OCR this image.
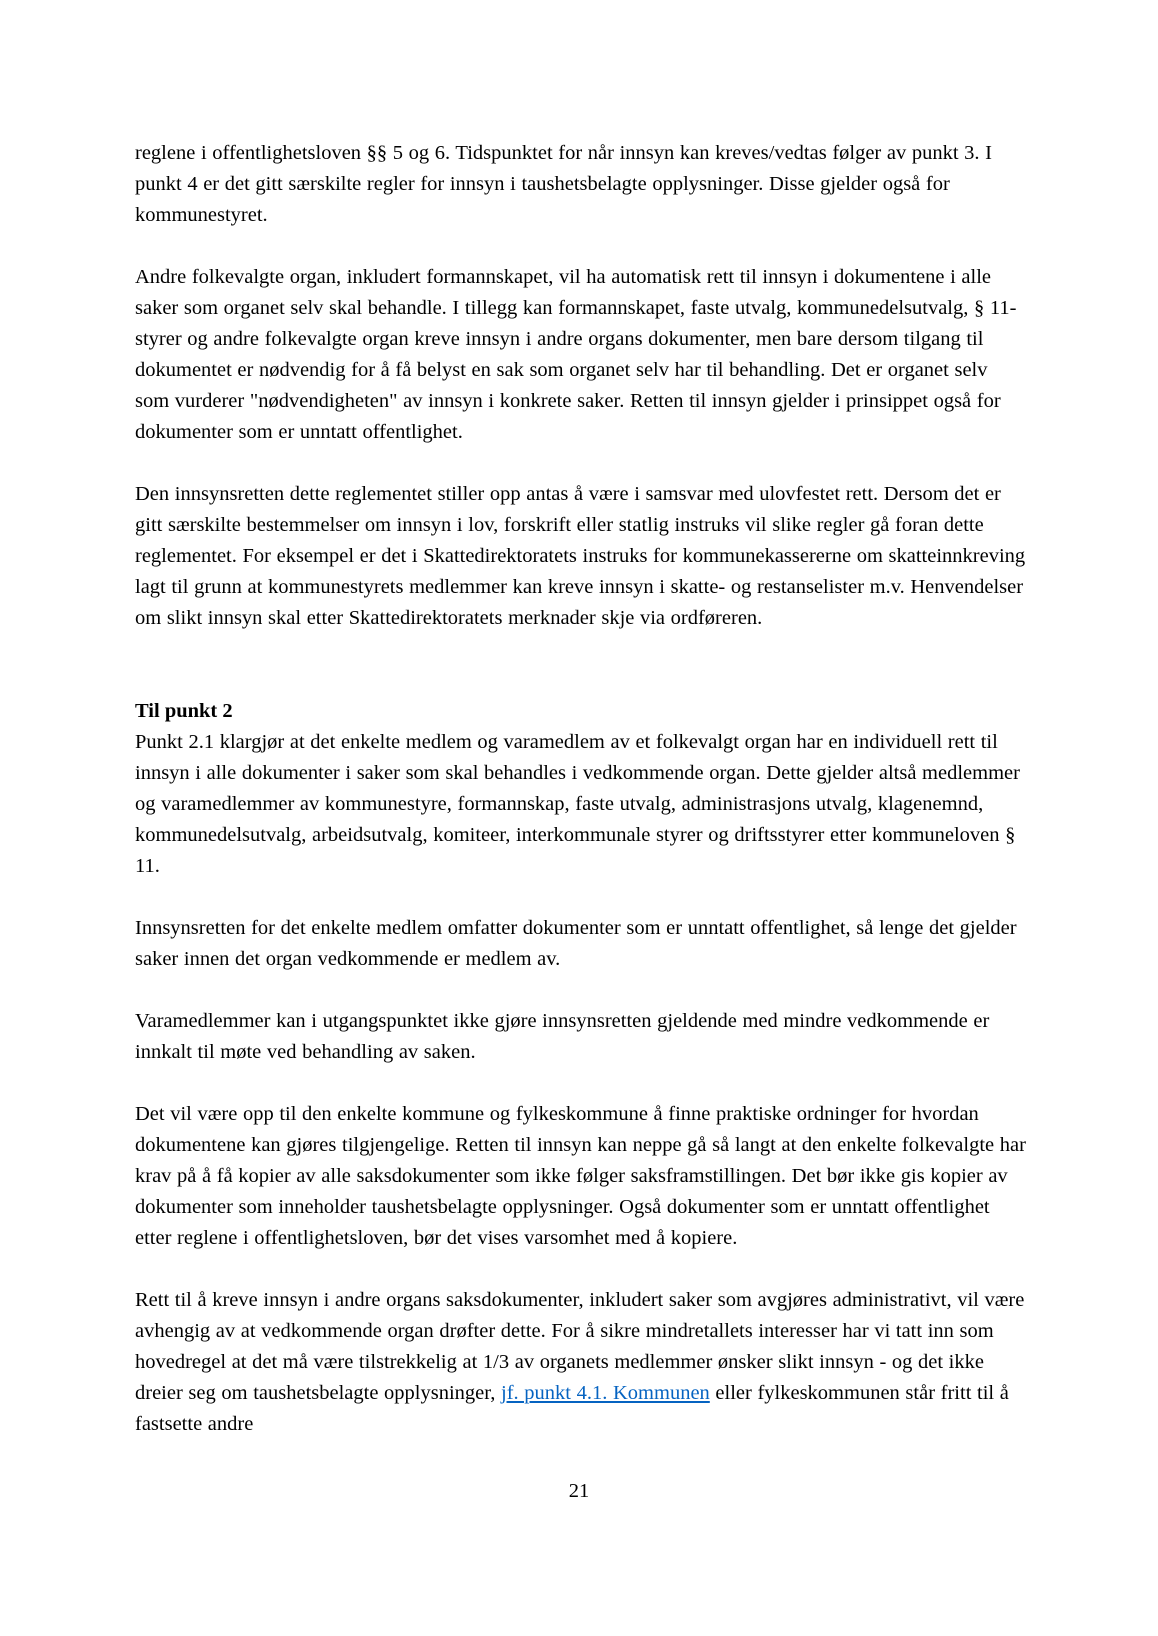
reglene i offentlighetsloven §§ 5 og 6. Tidspunktet for når innsyn kan kreves/vedtas følger av punkt 3. I punkt 4 er det gitt særskilte regler for innsyn i taushetsbelagte opplysninger. Disse gjelder også for kommunestyret.

Andre folkevalgte organ, inkludert formannskapet, vil ha automatisk rett til innsyn i dokumentene i alle saker som organet selv skal behandle. I tillegg kan formannskapet, faste utvalg, kommunedelsutvalg, § 11-styrer og andre folkevalgte organ kreve innsyn i andre organs dokumenter, men bare dersom tilgang til dokumentet er nødvendig for å få belyst en sak som organet selv har til behandling. Det er organet selv som vurderer "nødvendigheten" av innsyn i konkrete saker. Retten til innsyn gjelder i prinsippet også for dokumenter som er unntatt offentlighet.

Den innsynsretten dette reglementet stiller opp antas å være i samsvar med ulovfestet rett. Dersom det er gitt særskilte bestemmelser om innsyn i lov, forskrift eller statlig instruks vil slike regler gå foran dette reglementet. For eksempel er det i Skattedirektoratets instruks for kommunekassererne om skatteinnkreving lagt til grunn at kommunestyrets medlemmer kan kreve innsyn i skatte- og restanselister m.v. Henvendelser om slikt innsyn skal etter Skattedirektoratets merknader skje via ordføreren.

Til punkt 2

Punkt 2.1 klargjør at det enkelte medlem og varamedlem av et folkevalgt organ har en individuell rett til innsyn i alle dokumenter i saker som skal behandles i vedkommende organ. Dette gjelder altså medlemmer og varamedlemmer av kommunestyre, formannskap, faste utvalg, administrasjons utvalg, klagenemnd, kommunedelsutvalg, arbeidsutvalg, komiteer, interkommunale styrer og driftsstyrer etter kommuneloven § 11.

Innsynsretten for det enkelte medlem omfatter dokumenter som er unntatt offentlighet, så lenge det gjelder saker innen det organ vedkommende er medlem av.

Varamedlemmer kan i utgangspunktet ikke gjøre innsynsretten gjeldende med mindre vedkommende er innkalt til møte ved behandling av saken.

Det vil være opp til den enkelte kommune og fylkeskommune å finne praktiske ordninger for hvordan dokumentene kan gjøres tilgjengelige. Retten til innsyn kan neppe gå så langt at den enkelte folkevalgte har krav på å få kopier av alle saksdokumenter som ikke følger saksframstillingen. Det bør ikke gis kopier av dokumenter som inneholder taushetsbelagte opplysninger. Også dokumenter som er unntatt offentlighet etter reglene i offentlighetsloven, bør det vises varsomhet med å kopiere.

Rett til å kreve innsyn i andre organs saksdokumenter, inkludert saker som avgjøres administrativt, vil være avhengig av at vedkommende organ drøfter dette. For å sikre mindretallets interesser har vi tatt inn som hovedregel at det må være tilstrekkelig at 1/3 av organets medlemmer ønsker slikt innsyn - og det ikke dreier seg om taushetsbelagte opplysninger, jf. punkt 4.1. Kommunen eller fylkeskommunen står fritt til å fastsette andre

21
